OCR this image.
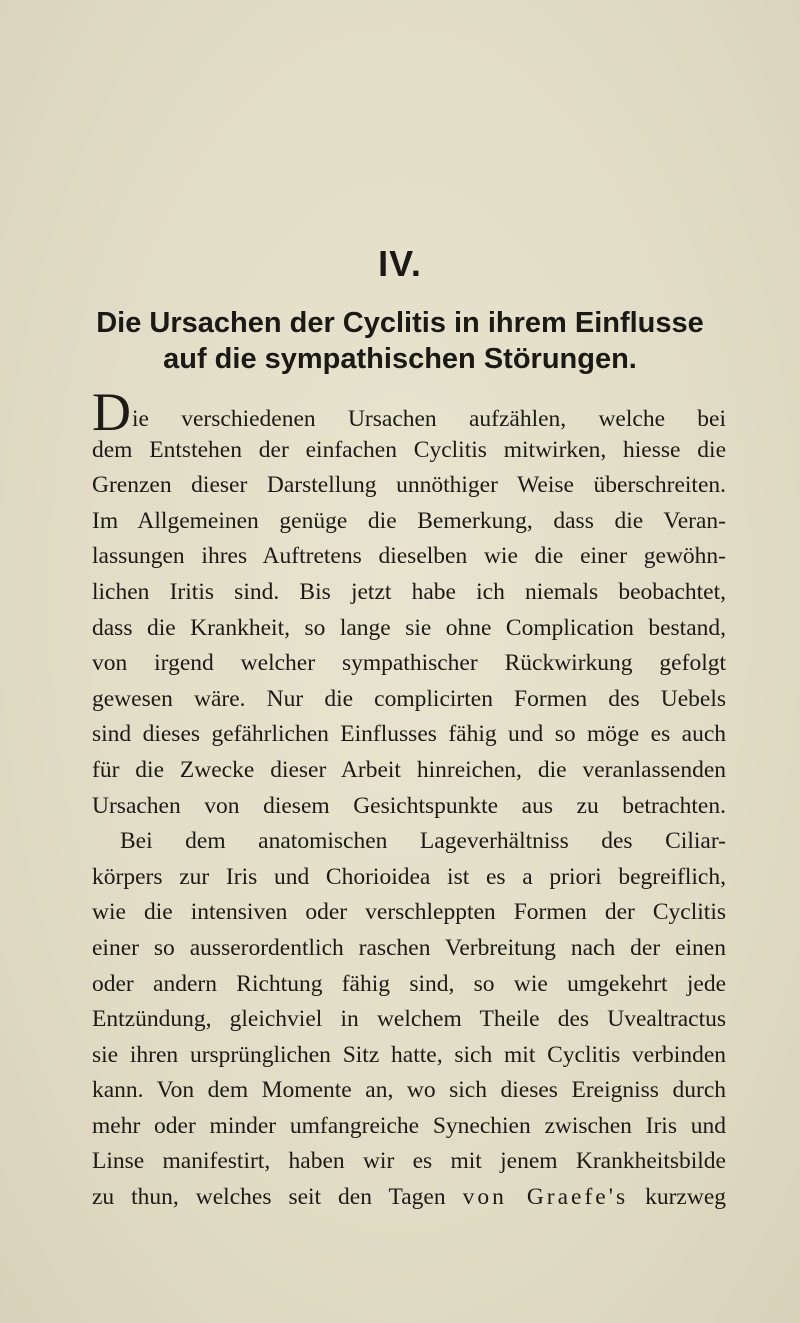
IV.
Die Ursachen der Cyclitis in ihrem Einflusse
auf die sympathischen Störungen.
Die verschiedenen Ursachen aufzählen, welche bei
dem Entstehen der einfachen Cyclitis mitwirken, hiesse die
Grenzen dieser Darstellung unnöthiger Weise überschreiten.
Im Allgemeinen genüge die Bemerkung, dass die Veran-
lassungen ihres Auftretens dieselben wie die einer gewöhn-
lichen Iritis sind. Bis jetzt habe ich niemals beobachtet,
dass die Krankheit, so lange sie ohne Complication bestand,
von irgend welcher sympathischer Rückwirkung gefolgt
gewesen wäre. Nur die complicirten Formen des Uebels
sind dieses gefährlichen Einflusses fähig und so möge es auch
für die Zwecke dieser Arbeit hinreichen, die veranlassenden
Ursachen von diesem Gesichtspunkte aus zu betrachten.
Bei dem anatomischen Lageverhältniss des Ciliar-
körpers zur Iris und Chorioidea ist es a priori begreiflich,
wie die intensiven oder verschleppten Formen der Cyclitis
einer so ausserordentlich raschen Verbreitung nach der einen
oder andern Richtung fähig sind, so wie umgekehrt jede
Entzündung, gleichviel in welchem Theile des Uvealtractus
sie ihren ursprünglichen Sitz hatte, sich mit Cyclitis verbinden
kann. Von dem Momente an, wo sich dieses Ereigniss durch
mehr oder minder umfangreiche Synechien zwischen Iris und
Linse manifestirt, haben wir es mit jenem Krankheitsbilde
zu thun, welches seit den Tagen von Graefe's kurzweg
